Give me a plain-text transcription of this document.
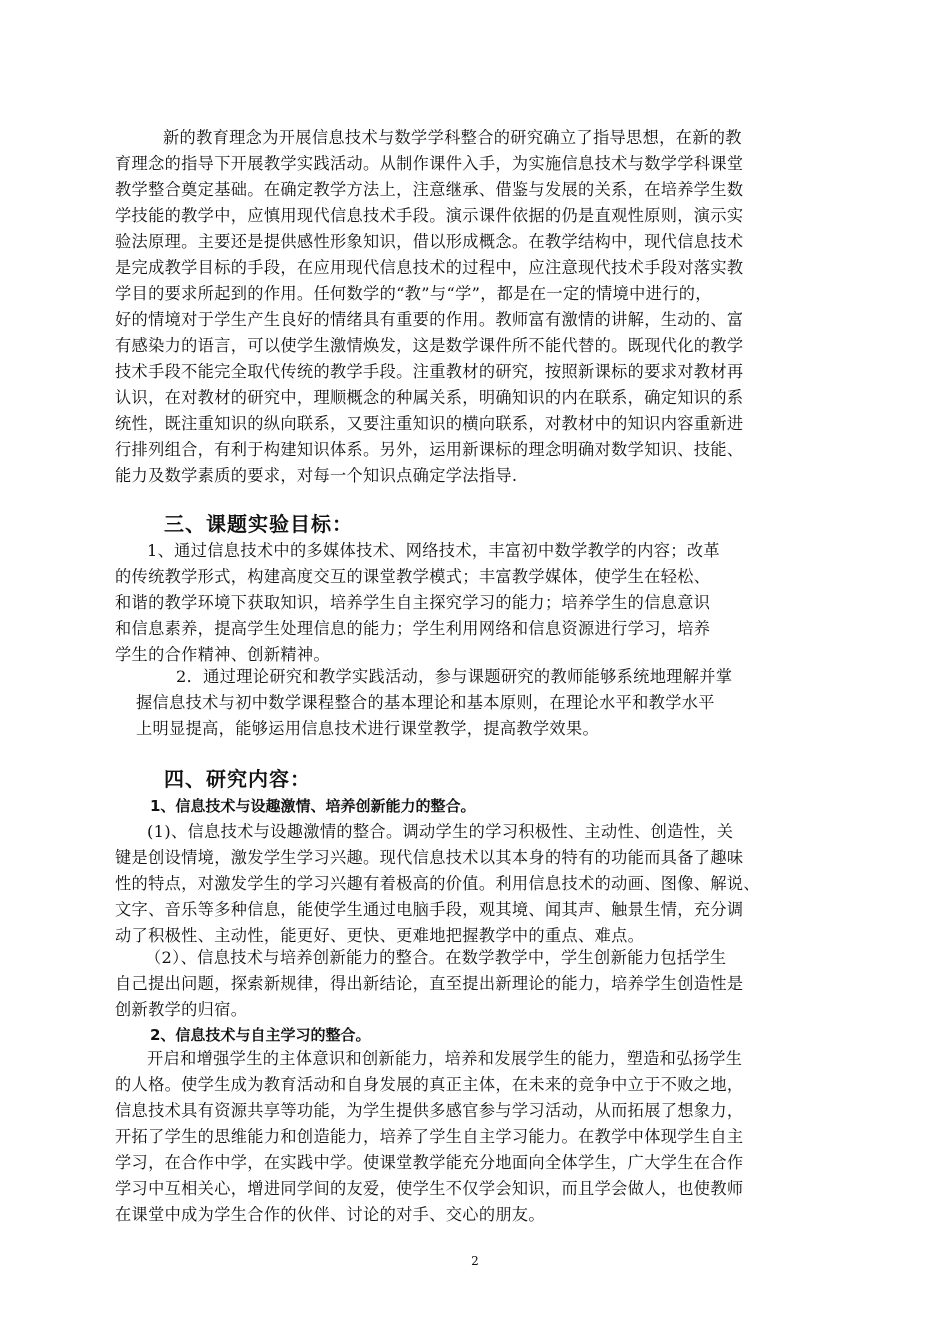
新的教育理念为开展信息技术与数学学科整合的研究确立了指导思想，在新的教
育理念的指导下开展教学实践活动。从制作课件入手，为实施信息技术与数学学科课堂
教学整合奠定基础。在确定教学方法上，注意继承、借鉴与发展的关系，在培养学生数
学技能的教学中，应慎用现代信息技术手段。演示课件依据的仍是直观性原则，演示实
验法原理。主要还是提供感性形象知识，借以形成概念。在教学结构中，现代信息技术
是完成教学目标的手段，在应用现代信息技术的过程中，应注意现代技术手段对落实教
学目的要求所起到的作用。任何数学的“教”与“学”，都是在一定的情境中进行的，
好的情境对于学生产生良好的情绪具有重要的作用。教师富有激情的讲解，生动的、富
有感染力的语言，可以使学生激情焕发，这是数学课件所不能代替的。既现代化的教学
技术手段不能完全取代传统的教学手段。注重教材的研究，按照新课标的要求对教材再
认识，在对教材的研究中，理顺概念的种属关系，明确知识的内在联系，确定知识的系
统性，既注重知识的纵向联系，又要注重知识的横向联系，对教材中的知识内容重新进
行排列组合，有利于构建知识体系。另外，运用新课标的理念明确对数学知识、技能、
能力及数学素质的要求，对每一个知识点确定学法指导.
三、课题实验目标：
1、通过信息技术中的多媒体技术、网络技术，丰富初中数学教学的内容；改革
的传统教学形式，构建高度交互的课堂教学模式；丰富教学媒体，使学生在轻松、
和谐的教学环境下获取知识，培养学生自主探究学习的能力；培养学生的信息意识
和信息素养，提高学生处理信息的能力；学生利用网络和信息资源进行学习，培养
学生的合作精神、创新精神。
2．通过理论研究和教学实践活动，参与课题研究的教师能够系统地理解并掌
握信息技术与初中数学课程整合的基本理论和基本原则，在理论水平和教学水平
上明显提高，能够运用信息技术进行课堂教学，提高教学效果。
四、研究内容：
1、信息技术与设趣激情、培养创新能力的整合。
(1)、信息技术与设趣激情的整合。调动学生的学习积极性、主动性、创造性，关
键是创设情境，激发学生学习兴趣。现代信息技术以其本身的特有的功能而具备了趣味
性的特点，对激发学生的学习兴趣有着极高的价值。利用信息技术的动画、图像、解说、
文字、音乐等多种信息，能使学生通过电脑手段，观其境、闻其声、触景生情，充分调
动了积极性、主动性，能更好、更快、更难地把握教学中的重点、难点。
（2）、信息技术与培养创新能力的整合。在数学教学中，学生创新能力包括学生
自己提出问题，探索新规律，得出新结论，直至提出新理论的能力，培养学生创造性是
创新教学的归宿。
2、信息技术与自主学习的整合。
开启和增强学生的主体意识和创新能力，培养和发展学生的能力，塑造和弘扬学生
的人格。使学生成为教育活动和自身发展的真正主体，在未来的竞争中立于不败之地，
信息技术具有资源共享等功能，为学生提供多感官参与学习活动，从而拓展了想象力，
开拓了学生的思维能力和创造能力，培养了学生自主学习能力。在教学中体现学生自主
学习，在合作中学，在实践中学。使课堂教学能充分地面向全体学生，广大学生在合作
学习中互相关心，增进同学间的友爱，使学生不仅学会知识，而且学会做人，也使教师
在课堂中成为学生合作的伙伴、讨论的对手、交心的朋友。
2
